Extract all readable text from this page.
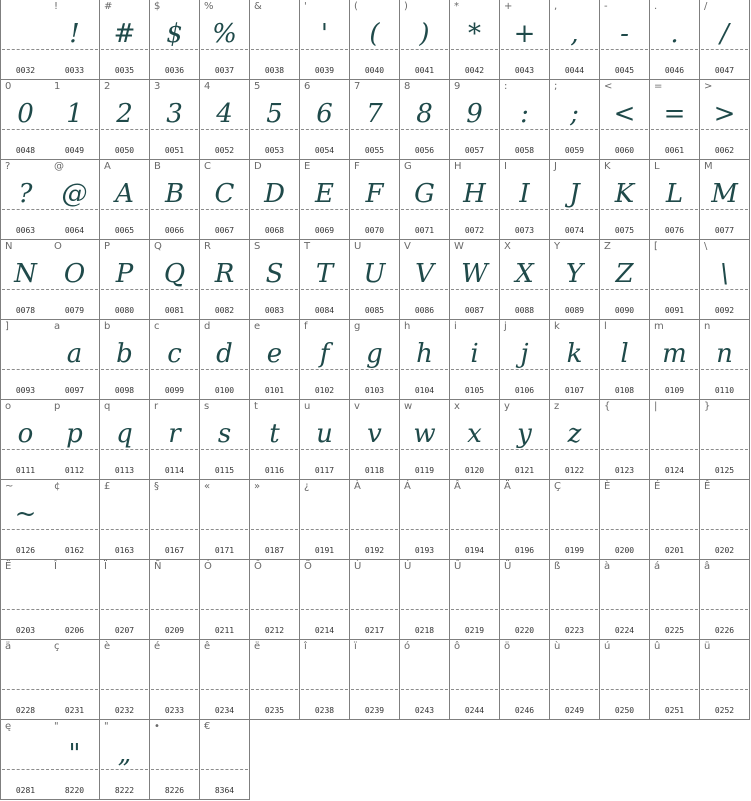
0032
!
!
0033
#
#
0035
$
$
0036
%
%
0037
&
0038
'
'
0039
(
(
0040
)
)
0041
*
*
0042
+
+
0043
,
,
0044
-
-
0045
.
.
0046
/
/
0047
0
0
0048
1
1
0049
2
2
0050
3
3
0051
4
4
0052
5
5
0053
6
6
0054
7
7
0055
8
8
0056
9
9
0057
:
:
0058
;
;
0059
<
<
0060
=
=
0061
>
>
0062
?
?
0063
@
@
0064
A
A
0065
B
B
0066
C
C
0067
D
D
0068
E
E
0069
F
F
0070
G
G
0071
H
H
0072
I
I
0073
J
J
0074
K
K
0075
L
L
0076
M
M
0077
N
N
0078
O
O
0079
P
P
0080
Q
Q
0081
R
R
0082
S
S
0083
T
T
0084
U
U
0085
V
V
0086
W
W
0087
X
X
0088
Y
Y
0089
Z
Z
0090
[
0091
\
\
0092
]
0093
a
a
0097
b
b
0098
c
c
0099
d
d
0100
e
e
0101
f
f
0102
g
g
0103
h
h
0104
i
i
0105
j
j
0106
k
k
0107
l
l
0108
m
m
0109
n
n
0110
o
o
0111
p
p
0112
q
q
0113
r
r
0114
s
s
0115
t
t
0116
u
u
0117
v
v
0118
w
w
0119
x
x
0120
y
y
0121
z
z
0122
{
0123
|
0124
}
0125
~
~
0126
¢
0162
£
0163
§
0167
«
0171
»
0187
¿
0191
À
0192
Á
0193
Â
0194
Ä
0196
Ç
0199
È
0200
É
0201
Ê
0202
Ë
0203
Î
0206
Ï
0207
Ñ
0209
Ó
0211
Ô
0212
Ö
0214
Ù
0217
Ú
0218
Û
0219
Ü
0220
ß
0223
à
0224
á
0225
â
0226
ä
0228
ç
0231
è
0232
é
0233
ê
0234
ë
0235
î
0238
ï
0239
ó
0243
ô
0244
ö
0246
ù
0249
ú
0250
û
0251
ü
0252
ę
0281
"
"
8220
"
„
8222
•
8226
€
8364
